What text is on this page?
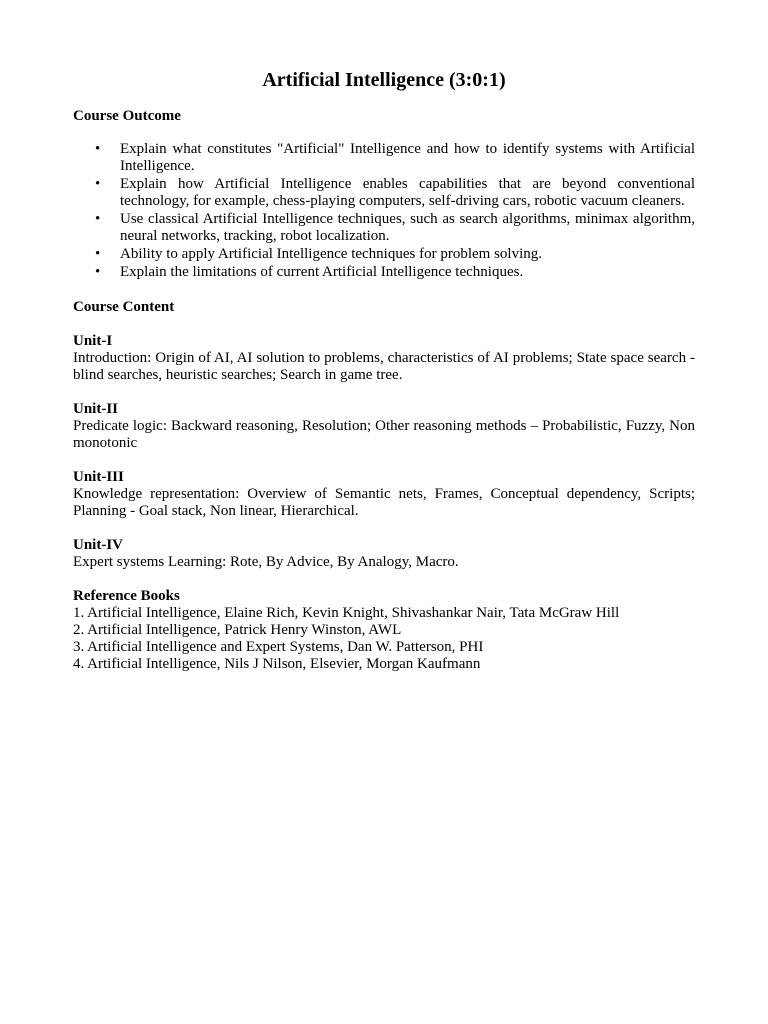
Artificial Intelligence (3:0:1)
Course Outcome
• Explain what constitutes "Artificial" Intelligence and how to identify systems with Artificial Intelligence.
• Explain how Artificial Intelligence enables capabilities that are beyond conventional technology, for example, chess-playing computers, self-driving cars, robotic vacuum cleaners.
• Use classical Artificial Intelligence techniques, such as search algorithms, minimax algorithm, neural networks, tracking, robot localization.
• Ability to apply Artificial Intelligence techniques for problem solving.
• Explain the limitations of current Artificial Intelligence techniques.
Course Content
Unit-I
Introduction: Origin of AI, AI solution to problems, characteristics of AI problems; State space search - blind searches, heuristic searches; Search in game tree.
Unit-II
Predicate logic: Backward reasoning, Resolution; Other reasoning methods – Probabilistic, Fuzzy, Non monotonic
Unit-III
Knowledge representation: Overview of Semantic nets, Frames, Conceptual dependency, Scripts; Planning - Goal stack, Non linear, Hierarchical.
Unit-IV
Expert systems Learning: Rote, By Advice, By Analogy, Macro.
Reference Books
1. Artificial Intelligence, Elaine Rich, Kevin Knight, Shivashankar Nair, Tata McGraw Hill
2. Artificial Intelligence, Patrick Henry Winston, AWL
3. Artificial Intelligence and Expert Systems, Dan W. Patterson, PHI
4. Artificial Intelligence, Nils J Nilson, Elsevier, Morgan Kaufmann
